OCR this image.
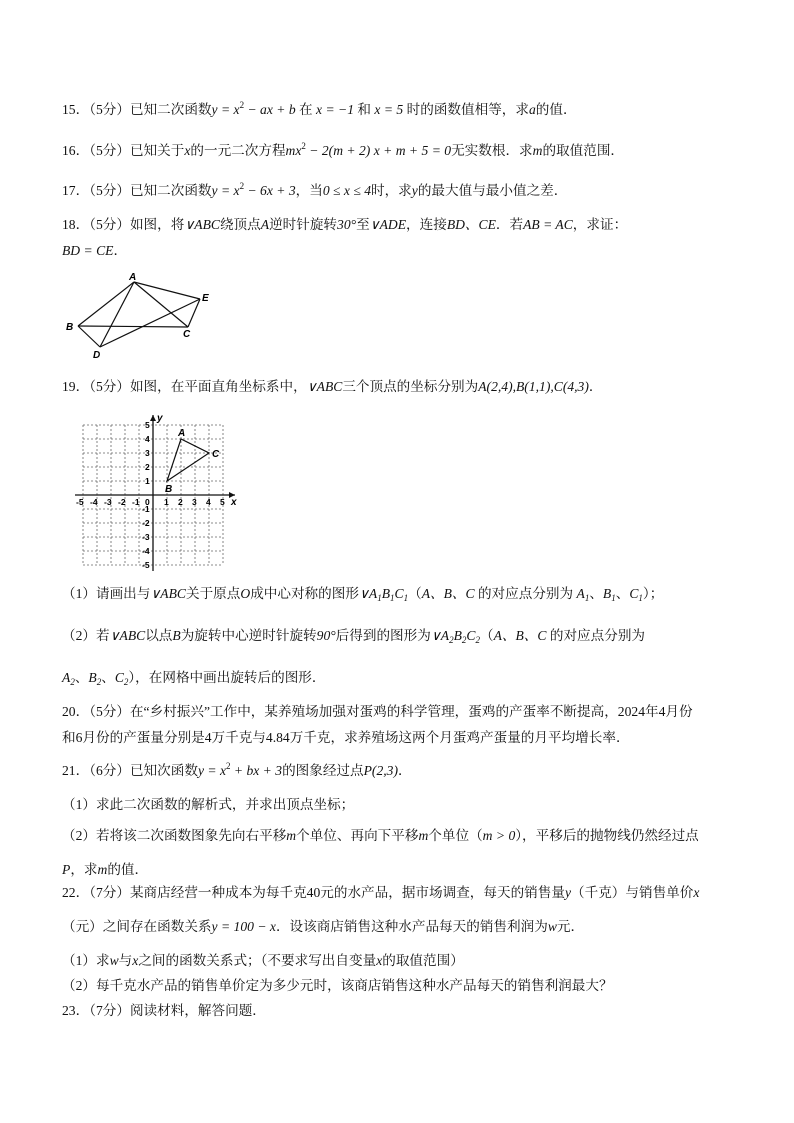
15．（5分）已知二次函数$y = x^2$ − ax + b 在 x = −1 和 x = 5 时的函数值相等，求a的值．
16．（5分）已知关于x的一元二次方程$mx^2 - 2(m + 2) x + m + 5 = 0$无实数根．求m的取值范围．
17．（5分）已知二次函数$y = x^2 - 6x + 3$，当0 ≤ x ≤ 4时，求y的最大值与最小值之差．
18．（5分）如图，将∨ABC绕顶点A逆时针旋转30°至∨ADE，连接BD、CE．若AB = AC，求证：
BD = CE．
A
B
C
D
E
19．（5分）如图，在平面直角坐标系中，∨ABC三个顶点的坐标分别为A(2,4),B(1,1),C(4,3)．
x
y
-5 -4 -3 -2 -1 0 1 2 3 4 5
5
4
3
2
1
-1
-2
-3
-4
-5
A
B
C
（1）请画出与∨ABC关于原点O成中心对称的图形$\vee A_1B_1C_1(A$、B、C 的对应点分别为 $A_1$、$B_1$、$C_1$）；
（2）若∨ABC以点B为旋转中心逆时针旋转90°后得到的图形为$\vee A_2B_2C_2(A$、B、C 的对应点分别为
$A_2$、$B_2$、$C_2$），在网格中画出旋转后的图形．
20．（5分）在“乡村振兴”工作中，某养殖场加强对蛋鸡的科学管理，蛋鸡的产蛋率不断提高，2024年4月份
和6月份的产蛋量分别是4万千克与4.84万千克，求养殖场这两个月蛋鸡产蛋量的月平均增长率．
21．（6分）已知次函数$y = x^2$ + bx + 3的图象经过点P(2,3)．
（1）求此二次函数的解析式，并求出顶点坐标；
（2）若将该二次函数图象先向右平移m个单位、再向下平移m个单位（m > 0），平移后的抛物线仍然经过点
P，求m的值．
22．（7分）某商店经营一种成本为每千克40元的水产品，据市场调查，每天的销售量y（千克）与销售单价x
（元）之间存在函数关系y = 100 − x．设该商店销售这种水产品每天的销售利润为w元．
（1）求w与x之间的函数关系式；（不要求写出自变量x的取值范围）
（2）每千克水产品的销售单价定为多少元时，该商店销售这种水产品每天的销售利润最大？
23．（7分）阅读材料，解答问题．
